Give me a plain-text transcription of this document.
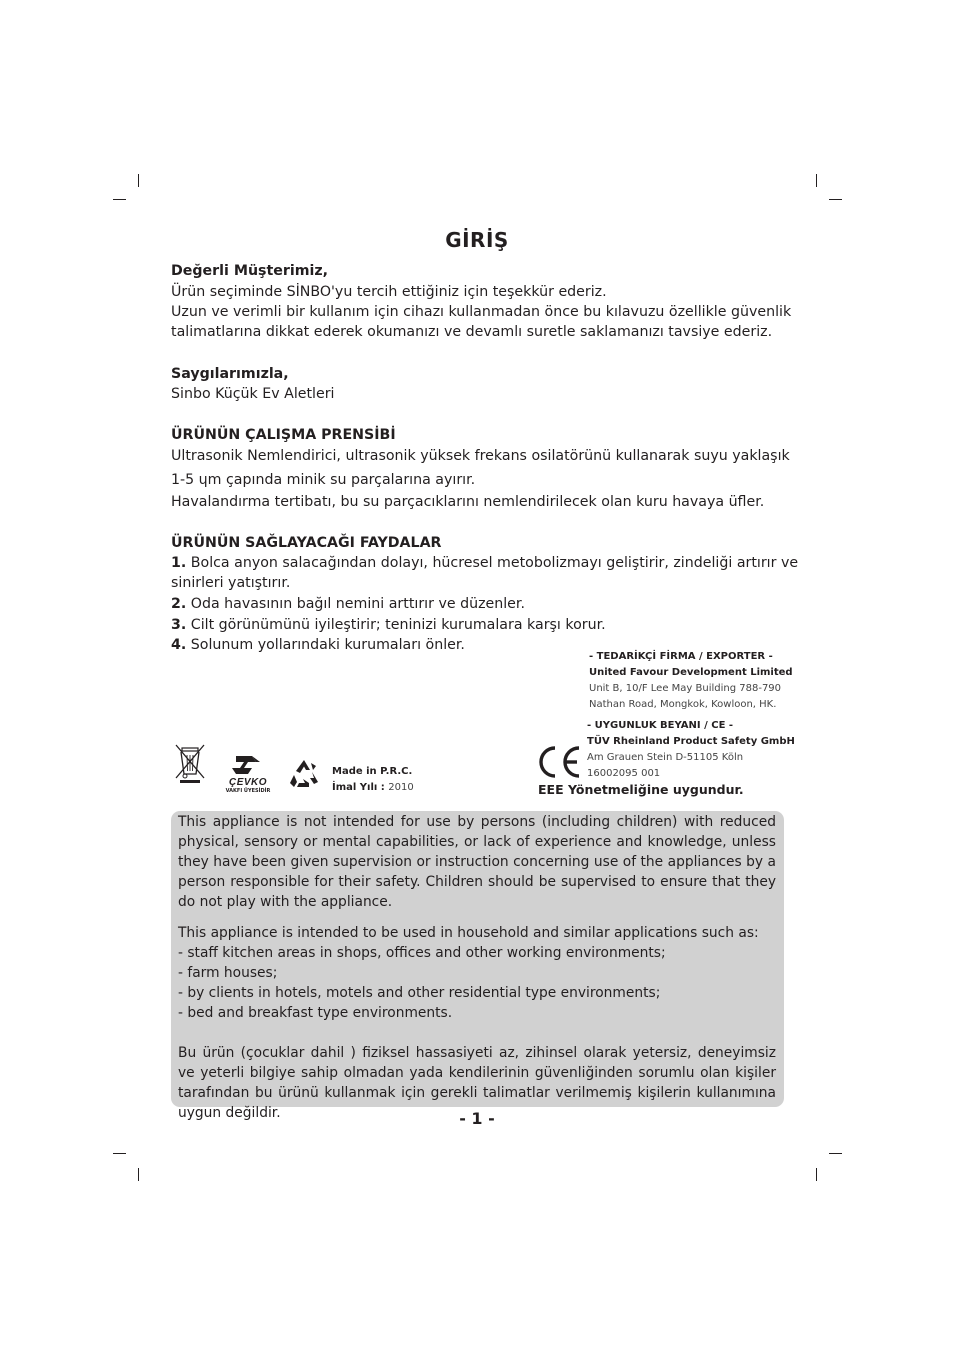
GİRİŞ
Değerli Müşterimiz,
Ürün seçiminde SİNBO'yu tercih ettiğiniz için teşekkür ederiz.
Uzun ve verimli bir kullanım için cihazı kullanmadan önce bu kılavuzu özellikle güvenlik
talimatlarına dikkat ederek okumanızı ve devamlı suretle saklamanızı tavsiye ederiz.
Saygılarımızla,
Sinbo Küçük Ev Aletleri
ÜRÜNÜN ÇALIŞMA PRENSİBİ
Ultrasonik Nemlendirici, ultrasonik yüksek frekans osilatörünü kullanarak suyu yaklaşık
1-5 ɥm çapında minik su parçalarına ayırır.
Havalandırma tertibatı, bu su parçacıklarını nemlendirilecek olan kuru havaya üfler.
ÜRÜNÜN SAĞLAYACAĞI FAYDALAR
1. Bolca anyon salacağından dolayı, hücresel metobolizmayı geliştirir, zindeliği artırır ve
sinirleri yatıştırır.
2. Oda havasının bağıl nemini arttırır ve düzenler.
3. Cilt görünümünü iyileştirir; teninizi kurumalara karşı korur.
4. Solunum yollarındaki kurumaları önler.
- TEDARİKÇİ FİRMA / EXPORTER -
United Favour Development Limited
Unit B, 10/F Lee May Building 788-790
Nathan Road, Mongkok, Kowloon, HK.
- UYGUNLUK BEYANI / CE -
TÜV Rheinland Product Safety GmbH
Am Grauen Stein D-51105 Köln
16002095 001
EEE Yönetmeliğine uygundur.
ÇEVKO
VAKFI ÜYESİDİR
Made in P.R.C.
İmal Yılı : 2010
This appliance is not intended for use by persons (including children) with reduced physical, sensory or mental capabilities, or lack of experience and knowledge, unless they have been given supervision or instruction concerning use of the appliances by a person responsible for their safety. Children should be supervised to ensure that they do not play with the appliance.
This appliance is intended to be used in household and similar applications such as:
- staff kitchen areas in shops, offices and other working environments;
- farm houses;
- by clients in hotels, motels and other residential type environments;
- bed and breakfast type environments.
Bu ürün (çocuklar dahil ) fiziksel hassasiyeti az, zihinsel olarak yetersiz, deneyimsiz ve yeterli bilgiye sahip olmadan yada kendilerinin güvenliğinden sorumlu olan kişiler tarafından bu ürünü kullanmak için gerekli talimatlar verilmemiş kişilerin kullanımına uygun değildir.	- 1 -
